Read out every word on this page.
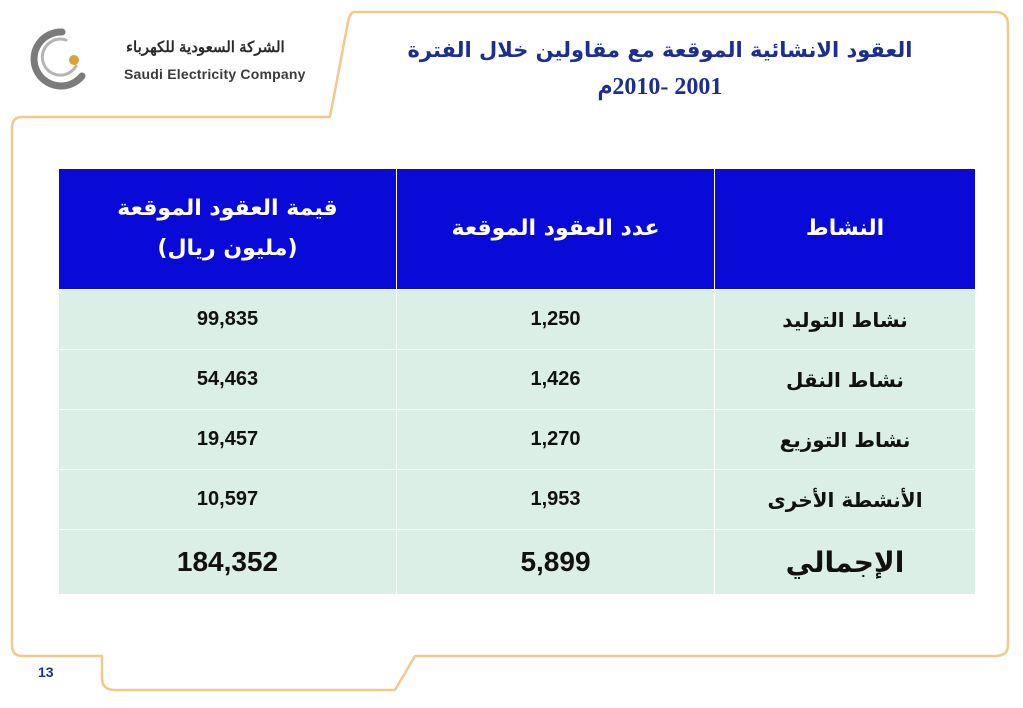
الشركة السعودية للكهرباء
Saudi Electricity Company
العقود الانشائية الموقعة مع مقاولين خلال الفترة
2001 -2010م
النشاط	عدد العقود الموقعة	قيمة العقود الموقعة
(مليون ريال)

نشاط التوليد	1,250	99,835
نشاط النقل	1,426	54,463
نشاط التوزيع	1,270	19,457
الأنشطة الأخرى	1,953	10,597
الإجمالي	5,899	184,352
13
